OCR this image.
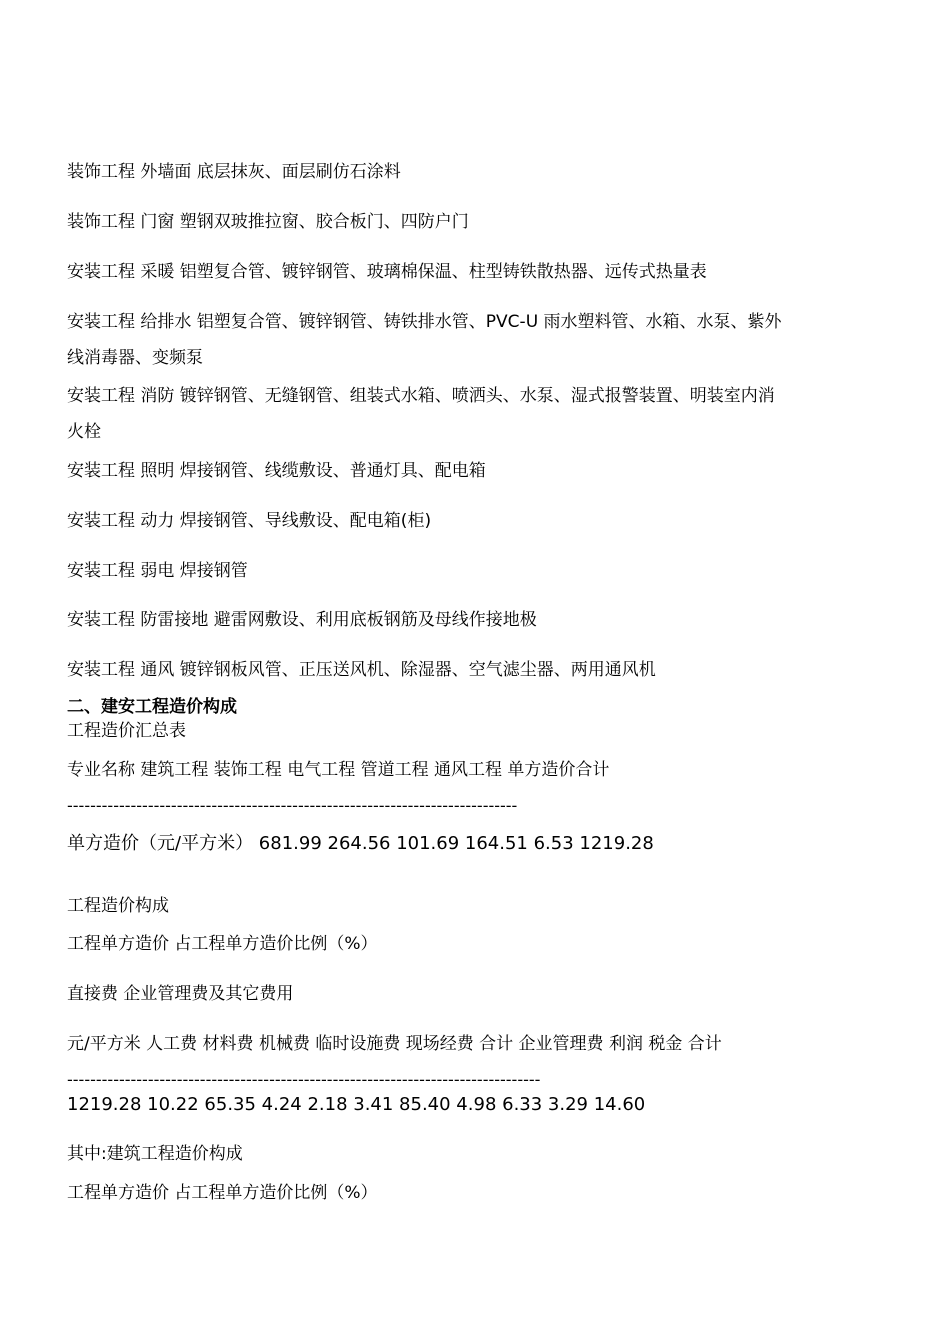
装饰工程 外墙面 底层抹灰、面层刷仿石涂料
装饰工程 门窗 塑钢双玻推拉窗、胶合板门、四防户门
安装工程 采暖 铝塑复合管、镀锌钢管、玻璃棉保温、柱型铸铁散热器、远传式热量表
安装工程 给排水 铝塑复合管、镀锌钢管、铸铁排水管、PVC-U 雨水塑料管、水箱、水泵、紫外
线消毒器、变频泵
安装工程 消防 镀锌钢管、无缝钢管、组装式水箱、喷洒头、水泵、湿式报警装置、明装室内消
火栓
安装工程 照明 焊接钢管、线缆敷设、普通灯具、配电箱
安装工程 动力 焊接钢管、导线敷设、配电箱(柜)
安装工程 弱电 焊接钢管
安装工程 防雷接地 避雷网敷设、利用底板钢筋及母线作接地极
安装工程 通风 镀锌钢板风管、正压送风机、除湿器、空气滤尘器、两用通风机
二、建安工程造价构成
工程造价汇总表
专业名称 建筑工程 装饰工程 电气工程 管道工程 通风工程 单方造价合计
------------------------------------------------------------------------------
单方造价（元/平方米） 681.99 264.56 101.69 164.51 6.53 1219.28
工程造价构成
工程单方造价 占工程单方造价比例（%）
直接费 企业管理费及其它费用
元/平方米 人工费 材料费 机械费 临时设施费 现场经费 合计 企业管理费 利润 税金 合计
----------------------------------------------------------------------------------
1219.28 10.22 65.35 4.24 2.18 3.41 85.40 4.98 6.33 3.29 14.60
其中:建筑工程造价构成
工程单方造价 占工程单方造价比例（%）
